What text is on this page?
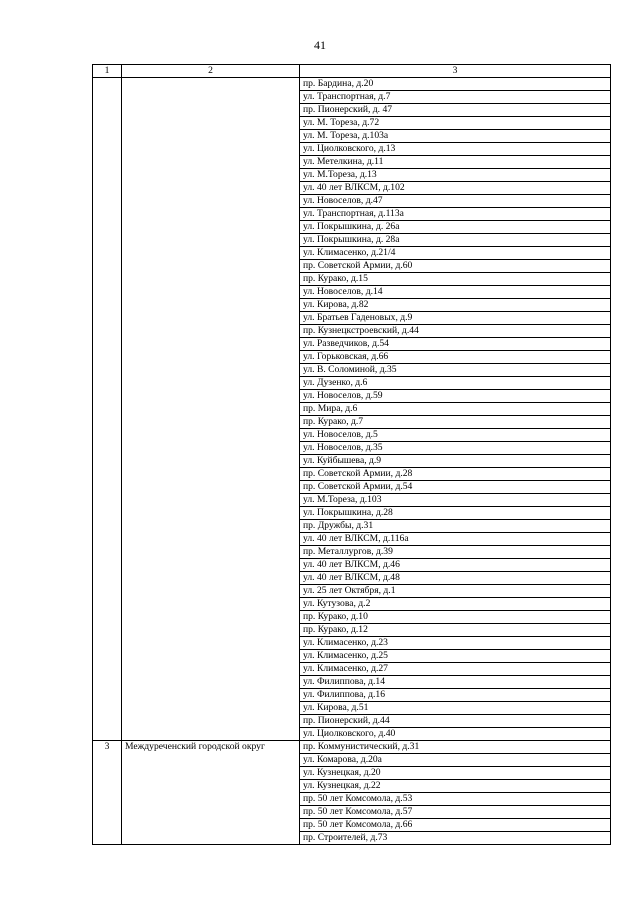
41
1	2	3
		пр. Бардина, д.20
		ул. Транспортная, д.7
		пр. Пионерский, д. 47
		ул. М. Тореза, д.72
		ул. М. Тореза, д.103а
		ул. Циолковского, д.13
		ул. Метелкина, д.11
		ул. М.Тореза, д.13
		ул. 40 лет ВЛКСМ, д.102
		ул. Новоселов, д.47
		ул. Транспортная, д.113а
		ул. Покрышкина, д. 26а
		ул. Покрышкина, д. 28а
		ул. Климасенко, д.21/4
		пр. Советской Армии, д.60
		пр. Курако, д.15
		ул. Новоселов, д.14
		ул. Кирова, д.82
		ул. Братьев Гаденовых, д.9
		пр. Кузнецкстроевский, д.44
		ул. Разведчиков, д.54
		ул. Горьковская, д.66
		ул. В. Соломиной, д.35
		ул. Дузенко, д.6
		ул. Новоселов, д.59
		пр. Мира, д.6
		пр. Курако, д.7
		ул. Новоселов, д.5
		ул. Новоселов, д.35
		ул. Куйбышева, д.9
		пр. Советской Армии, д.28
		пр. Советской Армии, д.54
		ул. М.Тореза, д.103
		ул. Покрышкина, д.28
		пр. Дружбы, д.31
		ул. 40 лет ВЛКСМ, д.116а
		пр. Металлургов, д.39
		ул. 40 лет ВЛКСМ, д.46
		ул. 40 лет ВЛКСМ, д.48
		ул. 25 лет Октября, д.1
		ул. Кутузова, д.2
		пр. Курако, д.10
		пр. Курако, д.12
		ул. Климасенко, д.23
		ул. Климасенко, д.25
		ул. Климасенко, д.27
		ул. Филиппова, д.14
		ул. Филиппова, д.16
		ул. Кирова, д.51
		пр. Пионерский, д.44
		ул. Циолковского, д.40
3	Междуреченский городской округ	пр. Коммунистический, д.31
		ул. Комарова, д.20а
		ул. Кузнецкая, д.20
		ул. Кузнецкая, д.22
		пр. 50 лет Комсомола, д.53
		пр. 50 лет Комсомола, д.57
		пр. 50 лет Комсомола, д.66
		пр. Строителей, д.73
